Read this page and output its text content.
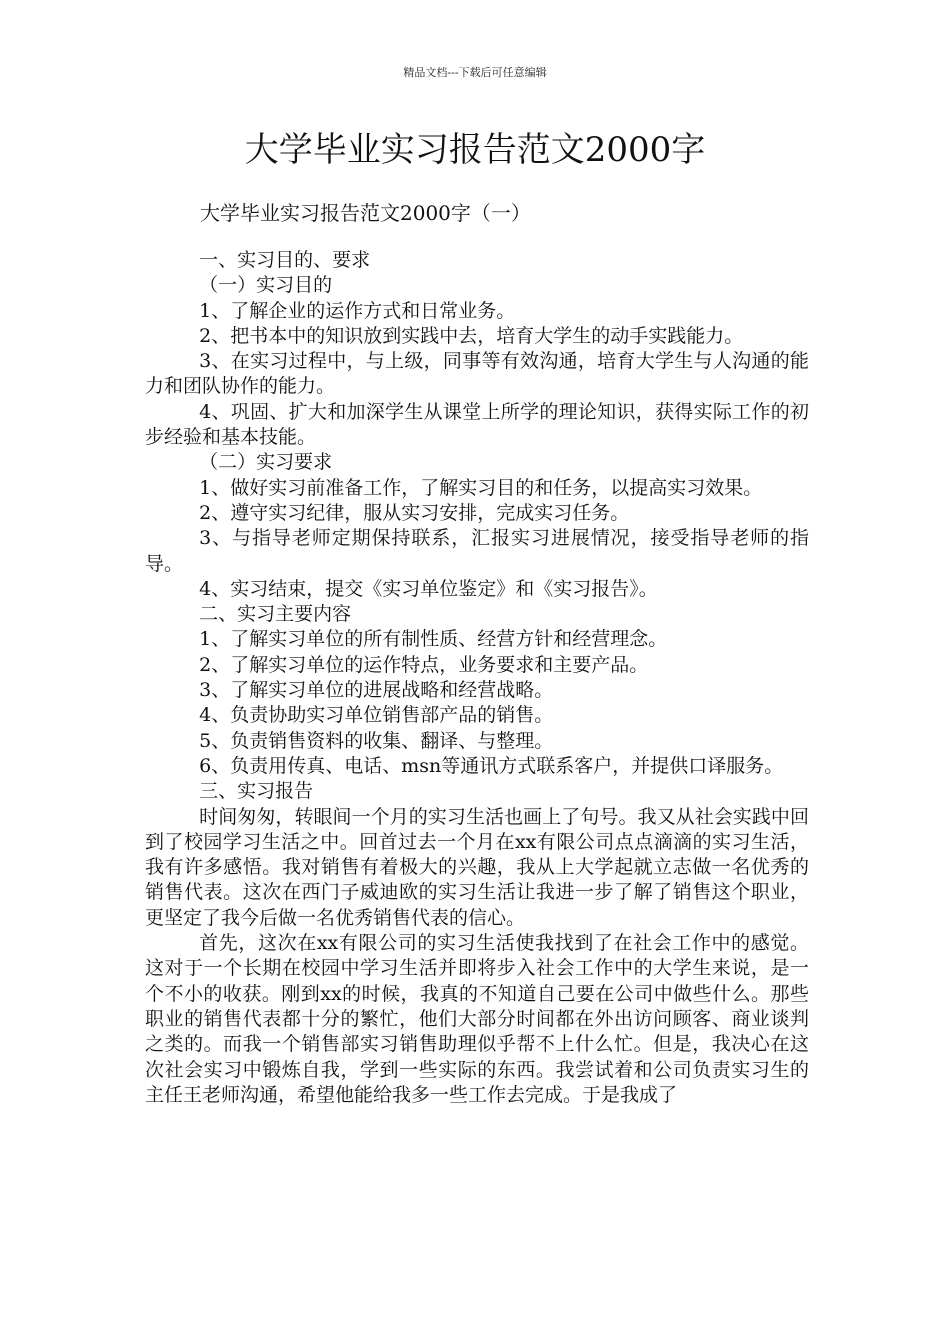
精品文档---下载后可任意编辑
大学毕业实习报告范文2000字

大学毕业实习报告范文2000字（一）

一、实习目的、要求

（一）实习目的

1、了解企业的运作方式和日常业务。

2、把书本中的知识放到实践中去，培育大学生的动手实践能力。

3、在实习过程中，与上级，同事等有效沟通，培育大学生与人沟通的能力和团队协作的能力。

4、巩固、扩大和加深学生从课堂上所学的理论知识，获得实际工作的初步经验和基本技能。

（二）实习要求

1、做好实习前准备工作，了解实习目的和任务，以提高实习效果。

2、遵守实习纪律，服从实习安排，完成实习任务。

3、与指导老师定期保持联系，汇报实习进展情况，接受指导老师的指导。

4、实习结束，提交《实习单位鉴定》和《实习报告》。

二、实习主要内容

1、了解实习单位的所有制性质、经营方针和经营理念。

2、了解实习单位的运作特点，业务要求和主要产品。

3、了解实习单位的进展战略和经营战略。

4、负责协助实习单位销售部产品的销售。

5、负责销售资料的收集、翻译、与整理。

6、负责用传真、电话、msn等通讯方式联系客户，并提供口译服务。

三、实习报告

时间匆匆，转眼间一个月的实习生活也画上了句号。我又从社会实践中回到了校园学习生活之中。回首过去一个月在xx有限公司点点滴滴的实习生活，我有许多感悟。我对销售有着极大的兴趣，我从上大学起就立志做一名优秀的销售代表。这次在西门子威迪欧的实习生活让我进一步了解了销售这个职业，更坚定了我今后做一名优秀销售代表的信心。

首先，这次在xx有限公司的实习生活使我找到了在社会工作中的感觉。这对于一个长期在校园中学习生活并即将步入社会工作中的大学生来说，是一个不小的收获。刚到xx的时候，我真的不知道自己要在公司中做些什么。那些职业的销售代表都十分的繁忙，他们大部分时间都在外出访问顾客、商业谈判之类的。而我一个销售部实习销售助理似乎帮不上什么忙。但是，我决心在这次社会实习中锻炼自我，学到一些实际的东西。我尝试着和公司负责实习生的主任王老师沟通，希望他能给我多一些工作去完成。于是我成了
